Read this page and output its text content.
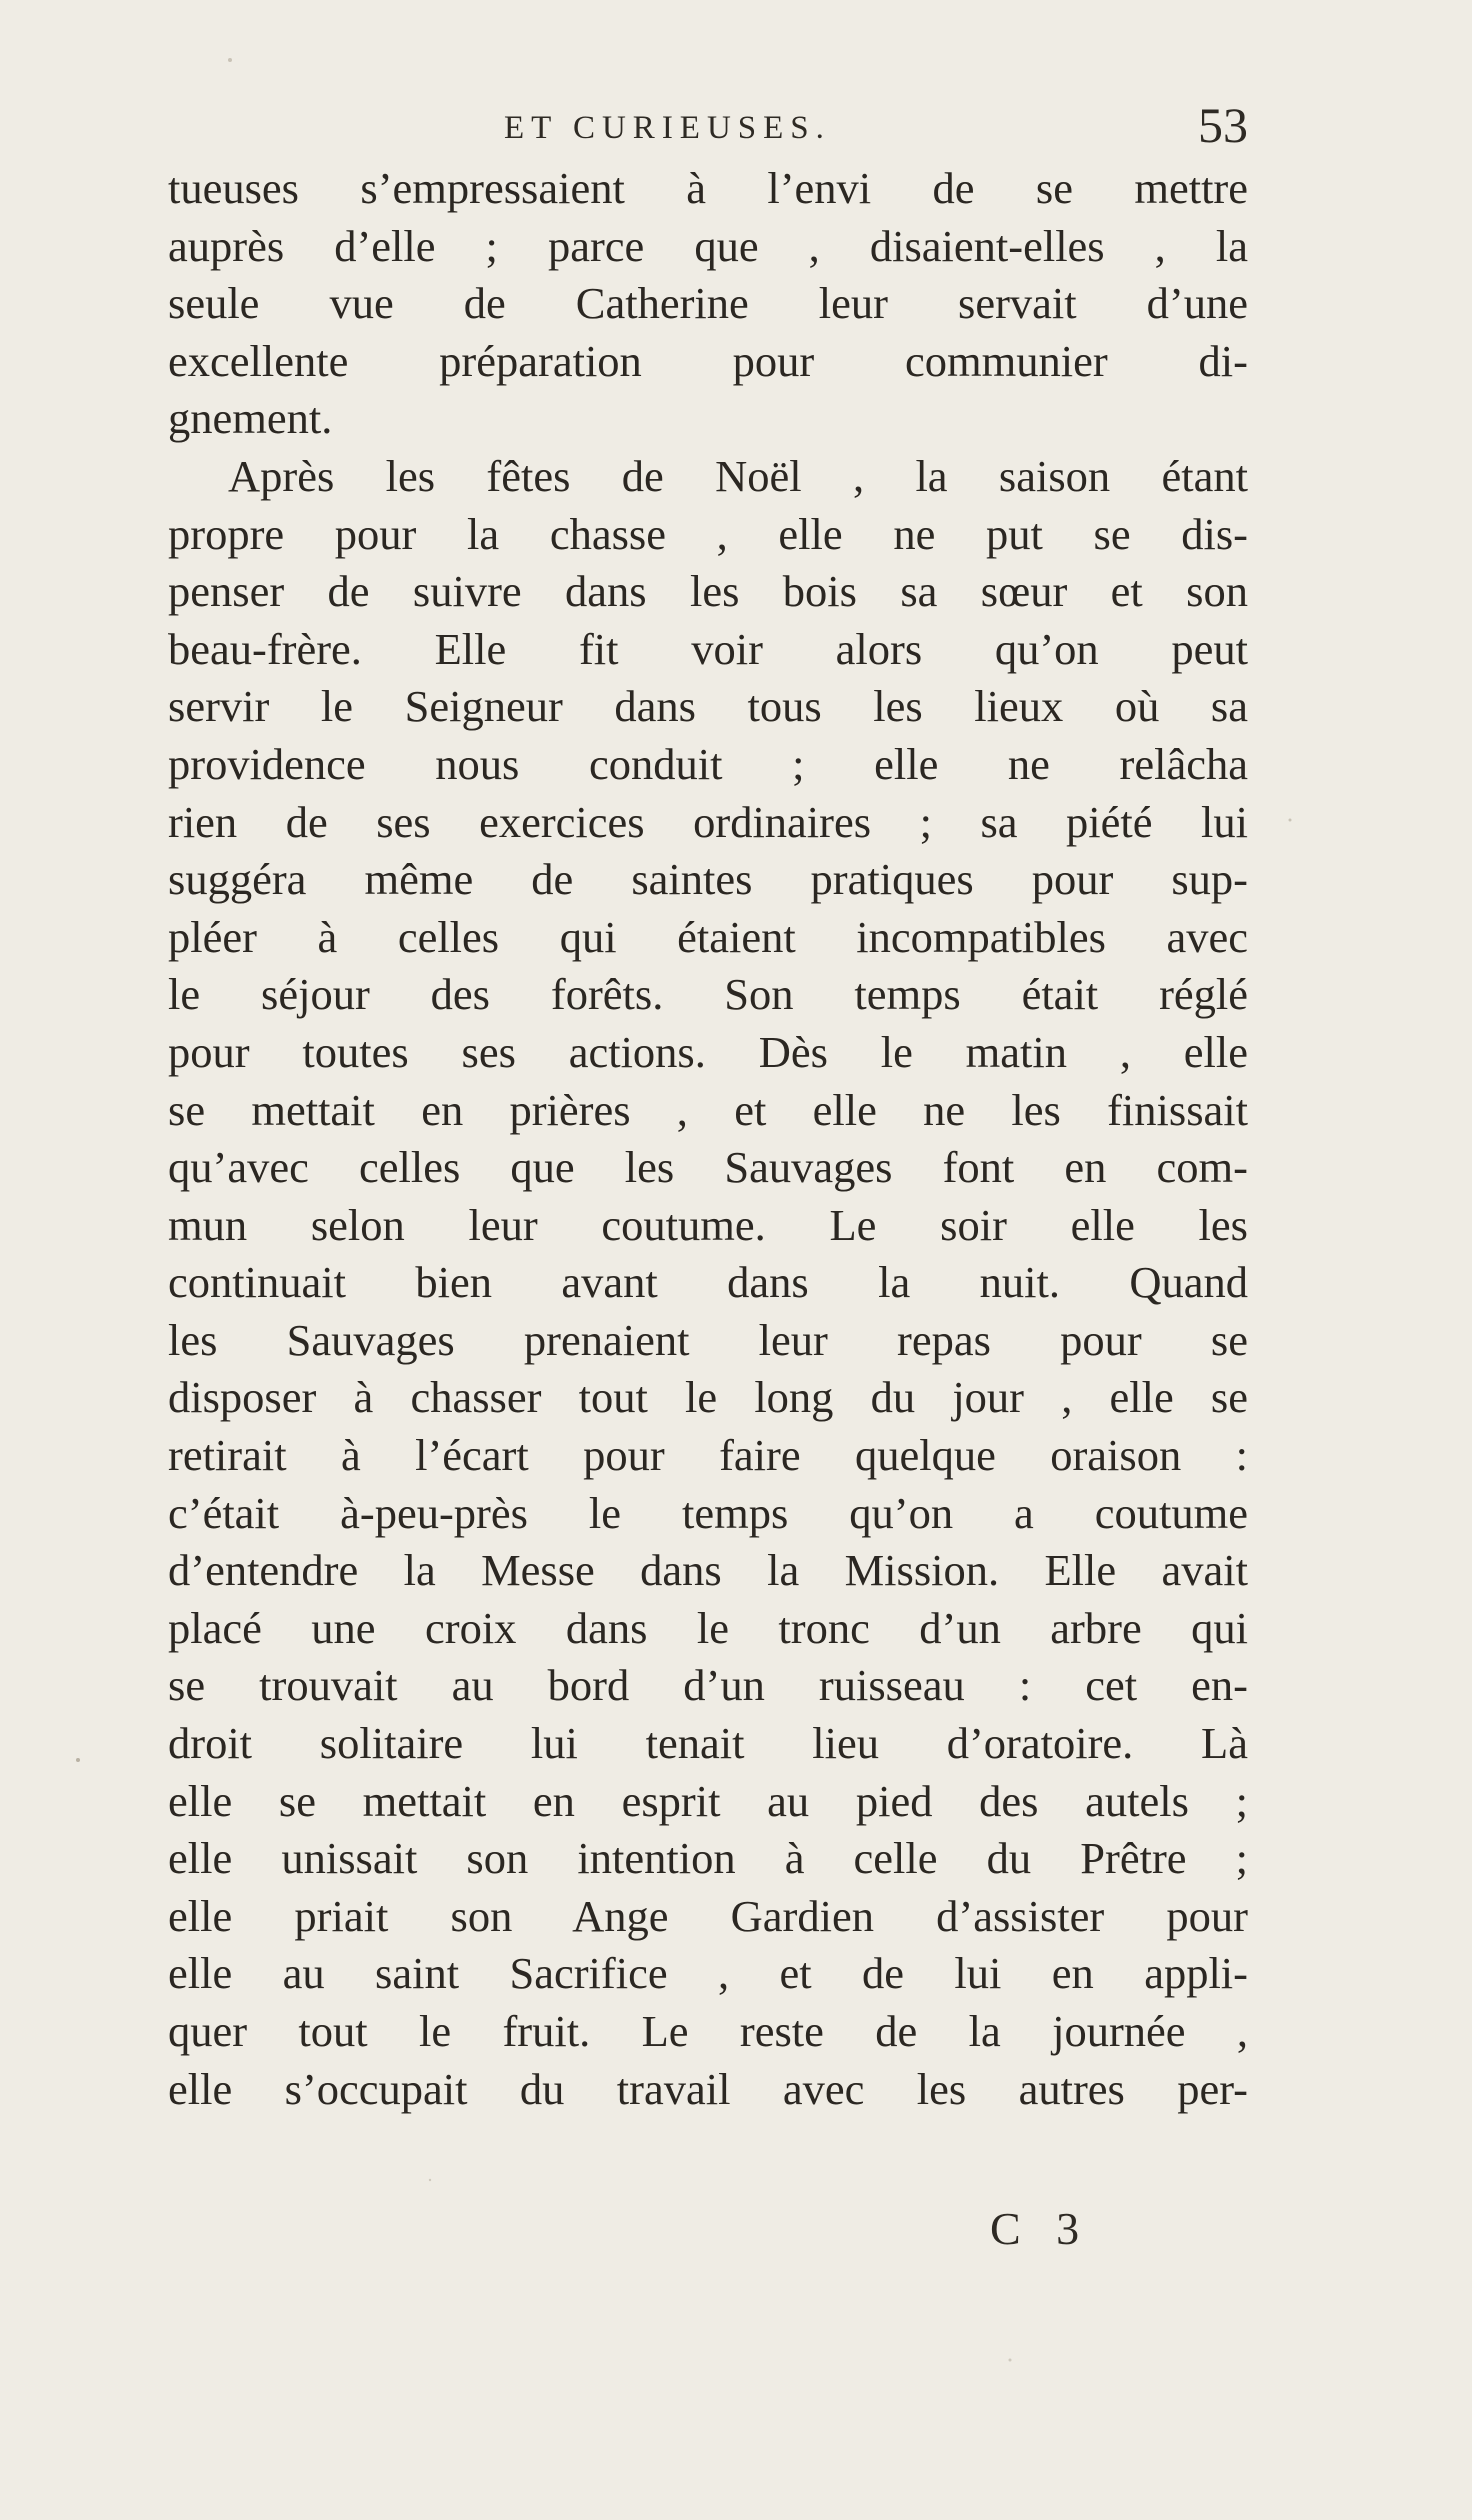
ET CURIEUSES.	53
tueuses s’empressaient à l’envi de se mettre
auprès d’elle ; parce que , disaient-elles , la
seule vue de Catherine leur servait d’une
excellente préparation pour communier di-
gnement.
Après les fêtes de Noël , la saison étant
propre pour la chasse , elle ne put se dis-
penser de suivre dans les bois sa sœur et son
beau-frère. Elle fit voir alors qu’on peut
servir le Seigneur dans tous les lieux où sa
providence nous conduit ; elle ne relâcha
rien de ses exercices ordinaires ; sa piété lui
suggéra même de saintes pratiques pour sup-
pléer à celles qui étaient incompatibles avec
le séjour des forêts. Son temps était réglé
pour toutes ses actions. Dès le matin , elle
se mettait en prières , et elle ne les finissait
qu’avec celles que les Sauvages font en com-
mun selon leur coutume. Le soir elle les
continuait bien avant dans la nuit. Quand
les Sauvages prenaient leur repas pour se
disposer à chasser tout le long du jour , elle se
retirait à l’écart pour faire quelque oraison :
c’était à-peu-près le temps qu’on a coutume
d’entendre la Messe dans la Mission. Elle avait
placé une croix dans le tronc d’un arbre qui
se trouvait au bord d’un ruisseau : cet en-
droit solitaire lui tenait lieu d’oratoire. Là
elle se mettait en esprit au pied des autels ;
elle unissait son intention à celle du Prêtre ;
elle priait son Ange Gardien d’assister pour
elle au saint Sacrifice , et de lui en appli-
quer tout le fruit. Le reste de la journée ,
elle s’occupait du travail avec les autres per-
C 3
